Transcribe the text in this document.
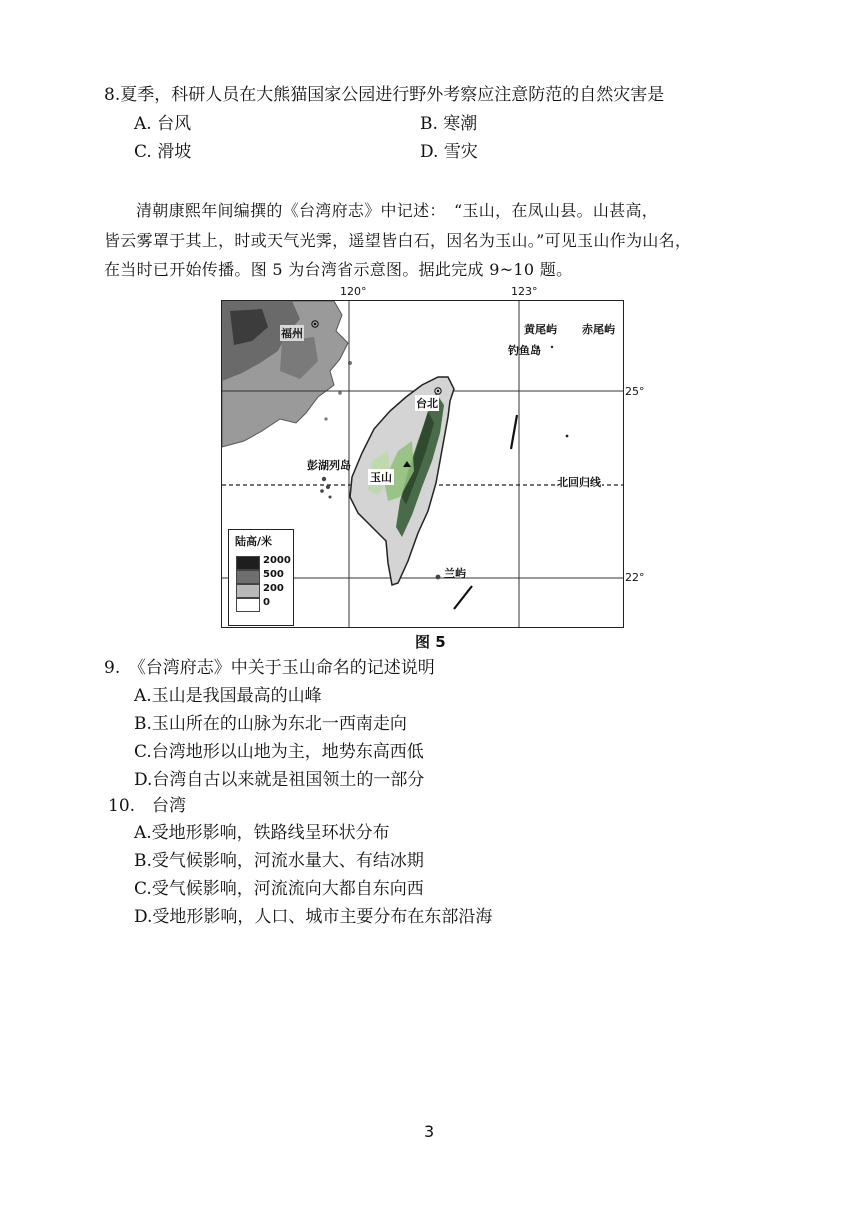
8.夏季，科研人员在大熊猫国家公园进行野外考察应注意防范的自然灾害是
A. 台风	B. 寒潮
C. 滑坡	D. 雪灾
清朝康熙年间编撰的《台湾府志》中记述：　“玉山，在凤山县。山甚高，
皆云雾罩于其上，时或天气光霁，遥望皆白石，因名为玉山。”可见玉山作为山名，
在当时已开始传播。图 5 为台湾省示意图。据此完成 9~10 题。
120°	123°
25°
22°
福州	黄尾屿 赤尾屿
钓鱼岛
台北
彭湖列岛
玉山	北回归线
兰屿
陆高/米
2000
500
200
0
图 5
9.　《台湾府志》中关于玉山命名的记述说明
A.玉山是我国最高的山峰
B.玉山所在的山脉为东北一西南走向
C.台湾地形以山地为主，地势东高西低
D.台湾自古以来就是祖国领土的一部分
10.　台湾
A.受地形影响，铁路线呈环状分布
B.受气候影响，河流水量大、有结冰期
C.受气候影响，河流流向大都自东向西
D.受地形影响，人口、城市主要分布在东部沿海
3
